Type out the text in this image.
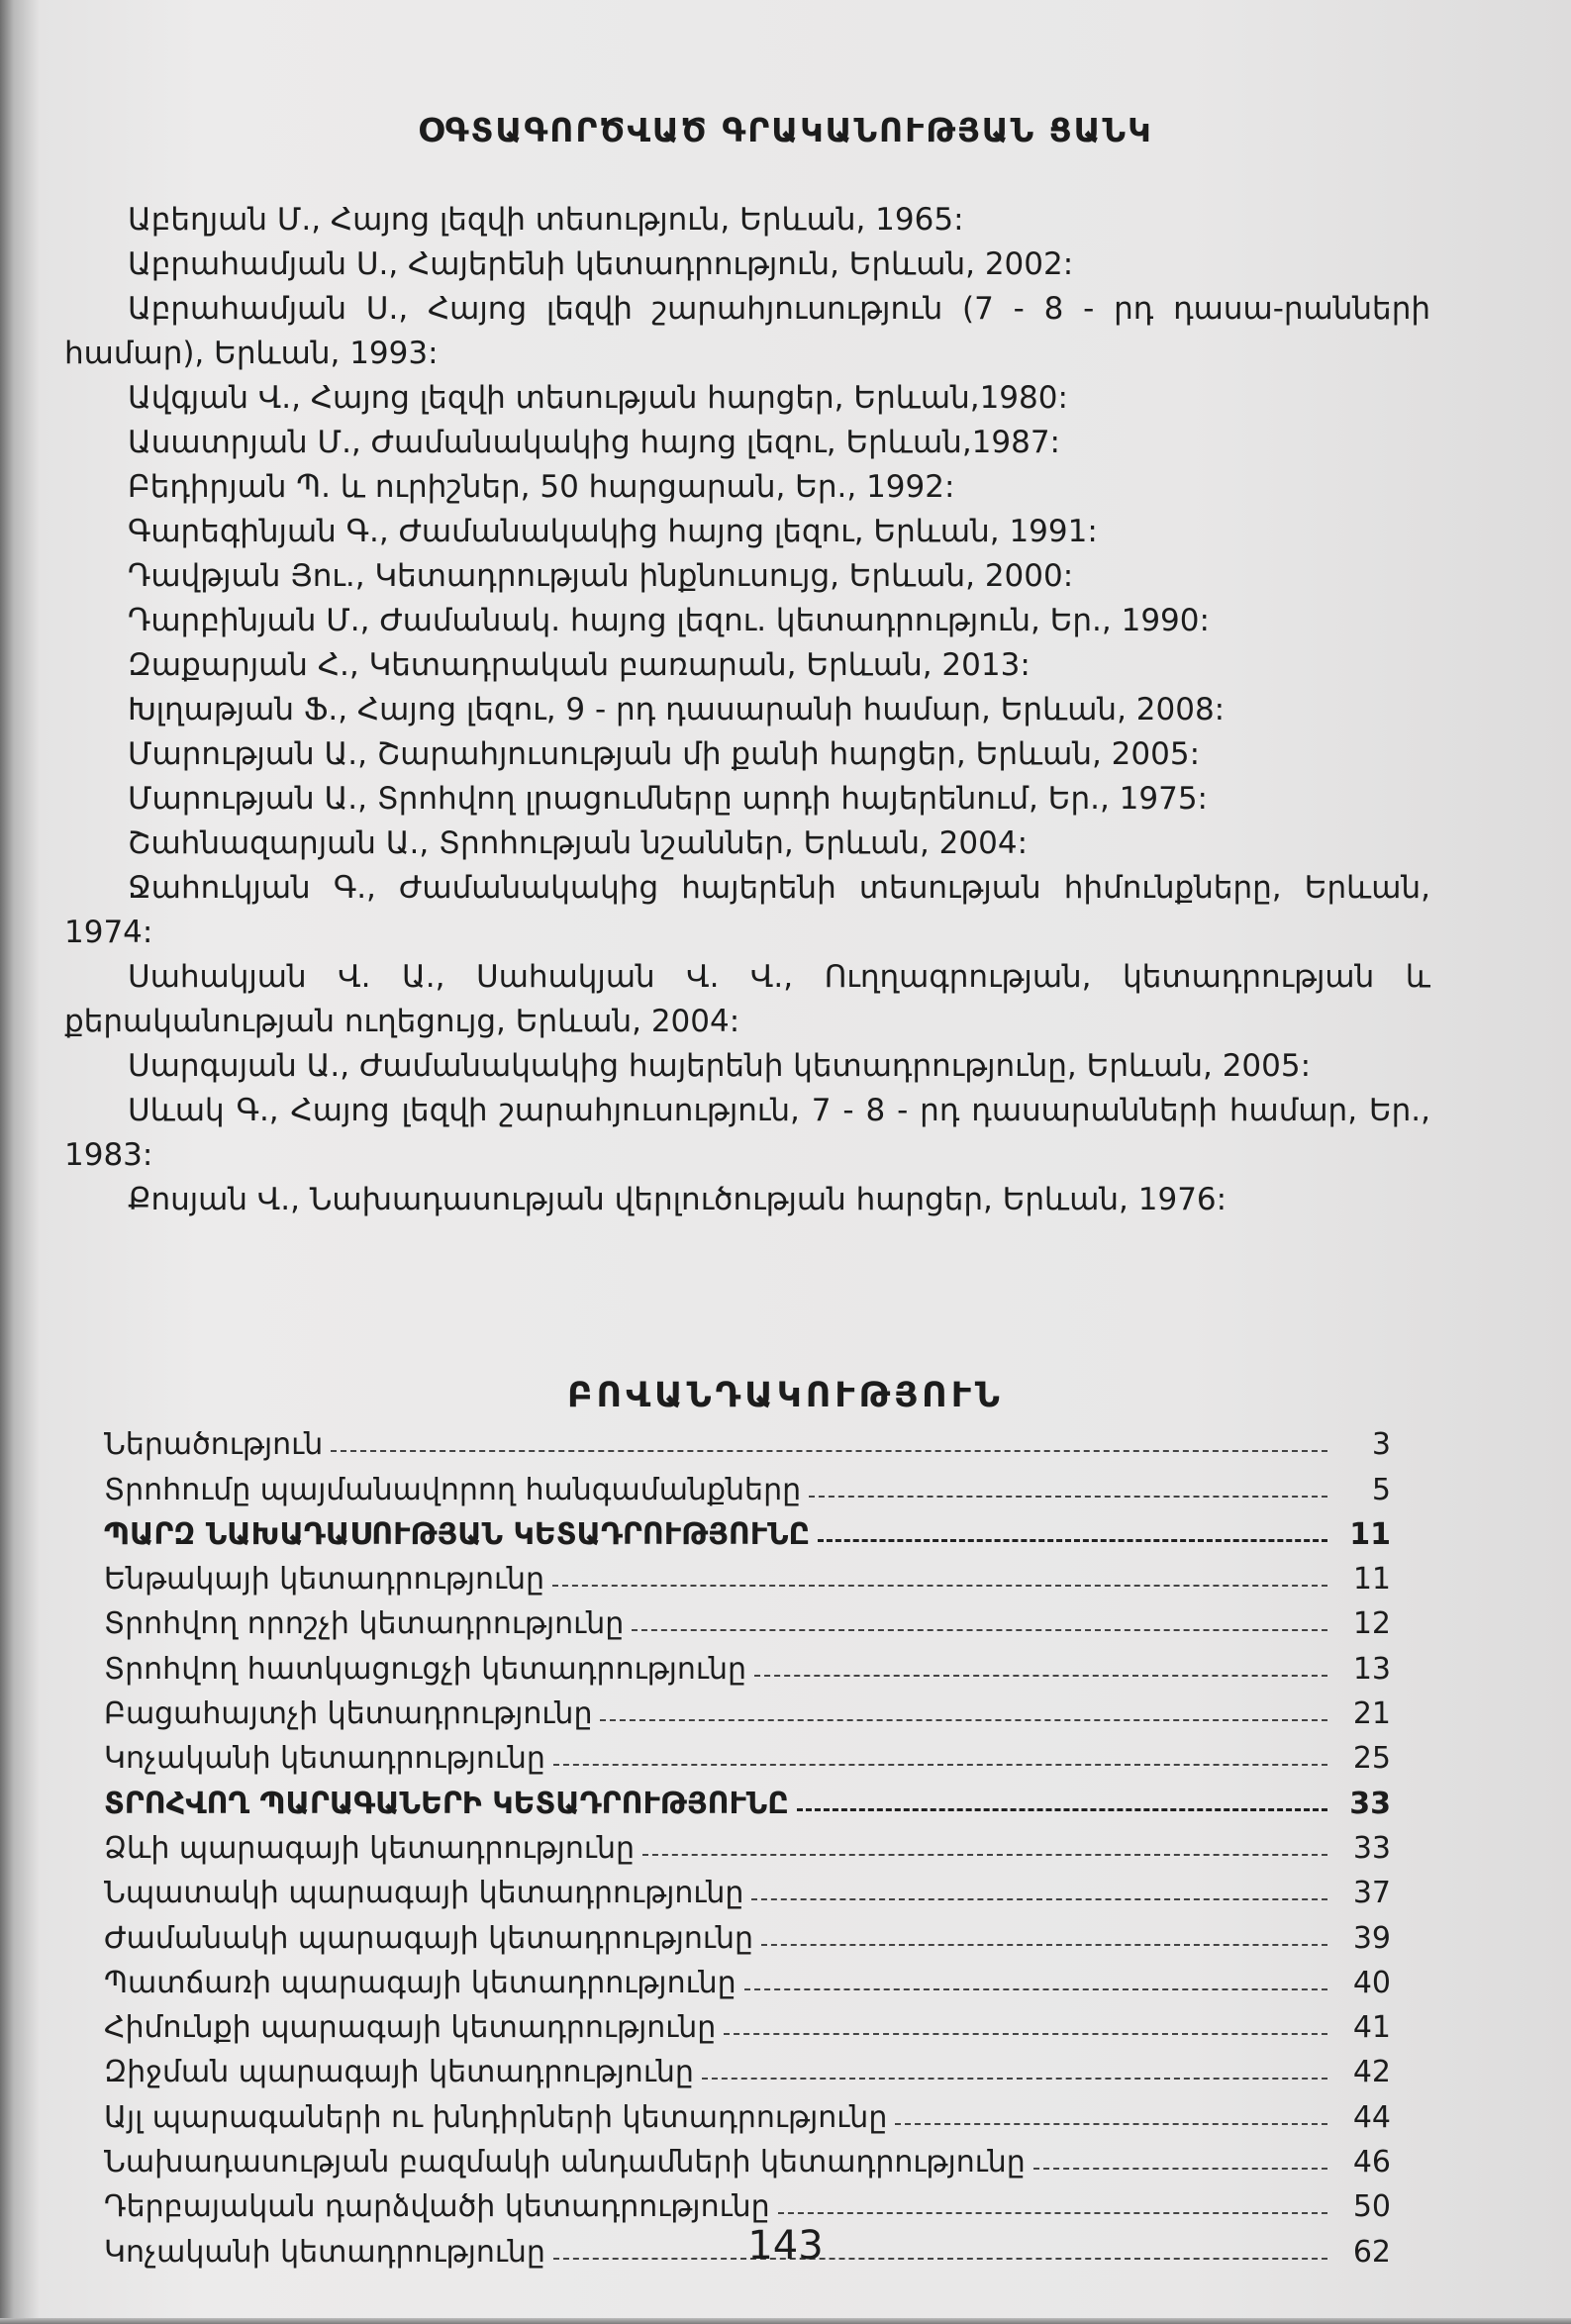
ՕԳՏԱԳՈՐԾՎԱԾ ԳՐԱԿԱՆՈՒԹՅԱՆ ՑԱՆԿ

Աբեղյան Մ., Հայոց լեզվի տեսություն, Երևան, 1965:

Աբրահամյան Ս., Հայերենի կետադրություն, Երևան, 2002:

Աբրահամյան Ս., Հայոց լեզվի շարահյուսություն (7 - 8 - րդ դասա-րանների համար), Երևան, 1993:

Ավգյան Վ., Հայոց լեզվի տեսության հարցեր, Երևան,1980:

Ասատրյան Մ., Ժամանակակից հայոց լեզու, Երևան,1987:

Բեդիրյան Պ. և ուրիշներ, 50 հարցարան, Եր., 1992:

Գարեգինյան Գ., Ժամանակակից հայոց լեզու, Երևան, 1991:

Դավթյան Յու., Կետադրության ինքնուսույց, Երևան, 2000:

Դարբինյան Մ., Ժամանակ. հայոց լեզու. կետադրություն, Եր., 1990:

Զաքարյան Հ., Կետադրական բառարան, Երևան, 2013:

Խլղաթյան Ֆ., Հայոց լեզու, 9 - րդ դասարանի համար, Երևան, 2008:

Մարության Ա., Շարահյուսության մի քանի հարցեր, Երևան, 2005:

Մարության Ա., Տրոհվող լրացումները արդի հայերենում, Եր., 1975:

Շահնազարյան Ա., Տրոհության նշաններ, Երևան, 2004:

Ջահուկյան Գ., Ժամանակակից հայերենի տեսության հիմունքները, Երևան, 1974:

Սահակյան Վ. Ա., Սահակյան Վ. Վ., Ուղղագրության, կետադրության և քերականության ուղեցույց, Երևան, 2004:

Սարգսյան Ա., Ժամանակակից հայերենի կետադրությունը, Երևան, 2005:

Սևակ Գ., Հայոց լեզվի շարահյուսություն, 7 - 8 - րդ դասարանների համար, Եր., 1983:

Քոսյան Վ., Նախադասության վերլուծության հարցեր, Երևան, 1976:

ԲՈՎԱՆԴԱԿՈՒԹՅՈՒՆ
Ներածություն	3
Տրոհումը պայմանավորող հանգամանքները	5
ՊԱՐԶ ՆԱԽԱԴԱՍՈՒԹՅԱՆ ԿԵՏԱԴՐՈՒԹՅՈՒՆԸ	11
Ենթակայի կետադրությունը	11
Տրոհվող որոշչի կետադրությունը	12
Տրոհվող հատկացուցչի կետադրությունը	13
Բացահայտչի կետադրությունը	21
Կոչականի կետադրությունը	25
ՏՐՈՀՎՈՂ ՊԱՐԱԳԱՆԵՐԻ ԿԵՏԱԴՐՈՒԹՅՈՒՆԸ	33
Ձևի պարագայի կետադրությունը	33
Նպատակի պարագայի կետադրությունը	37
Ժամանակի պարագայի կետադրությունը	39
Պատճառի պարագայի կետադրությունը	40
Հիմունքի պարագայի կետադրությունը	41
Զիջման պարագայի կետադրությունը	42
Այլ պարագաների ու խնդիրների կետադրությունը	44
Նախադասության բազմակի անդամների կետադրությունը	46
Դերբայական դարձվածի կետադրությունը	50
Կոչականի կետադրությունը	62
143
